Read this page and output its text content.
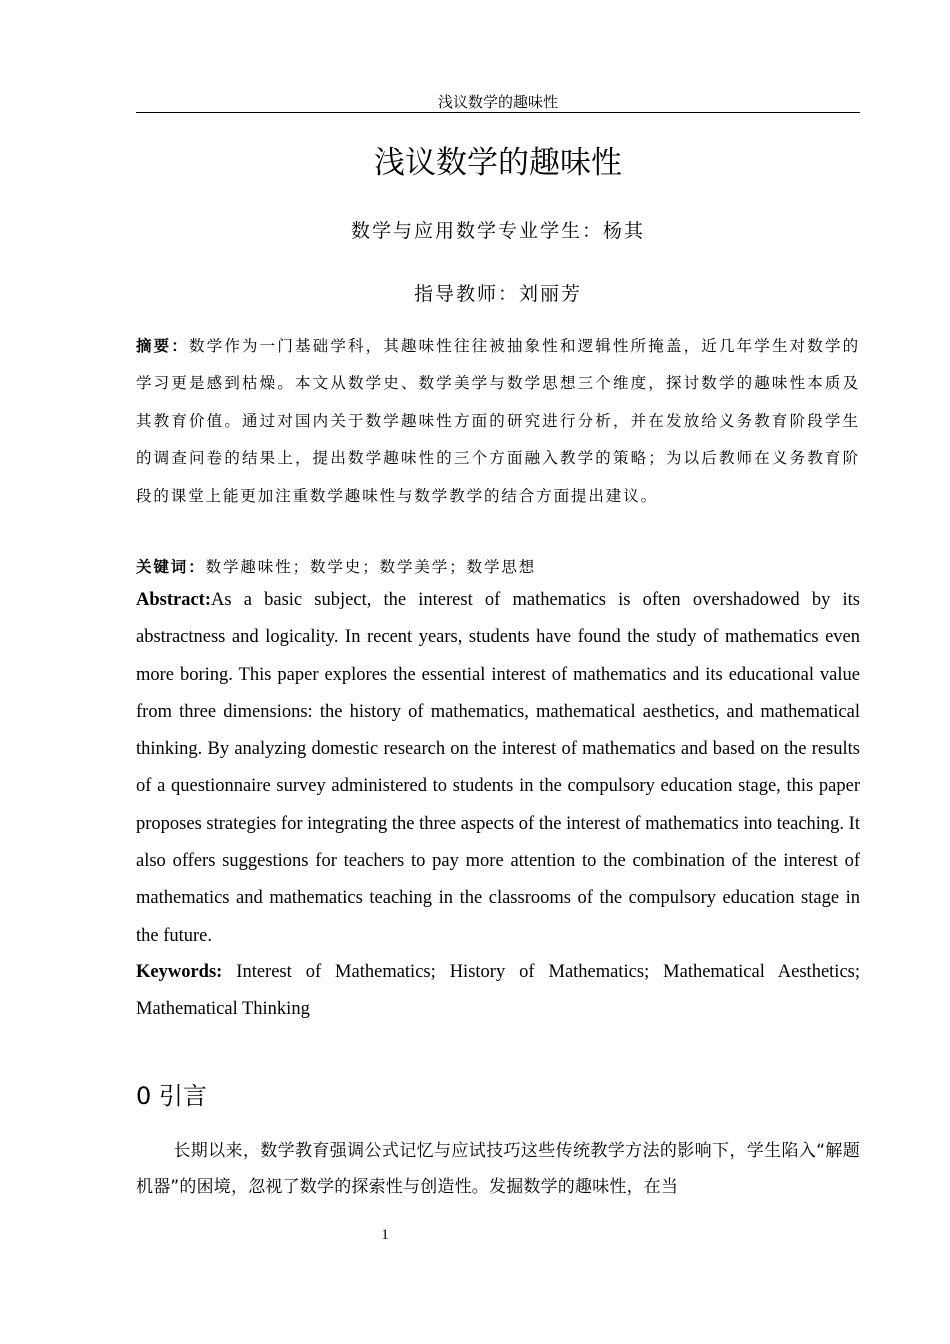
浅议数学的趣味性
浅议数学的趣味性
数学与应用数学专业学生：杨其
指导教师：刘丽芳
摘要：数学作为一门基础学科，其趣味性往往被抽象性和逻辑性所掩盖，近几年学生对数学的学习更是感到枯燥。本文从数学史、数学美学与数学思想三个维度，探讨数学的趣味性本质及其教育价值。通过对国内关于数学趣味性方面的研究进行分析，并在发放给义务教育阶段学生的调查问卷的结果上，提出数学趣味性的三个方面融入教学的策略；为以后教师在义务教育阶段的课堂上能更加注重数学趣味性与数学教学的结合方面提出建议。
关键词：数学趣味性；数学史；数学美学；数学思想
Abstract:As a basic subject, the interest of mathematics is often overshadowed by its abstractness and logicality. In recent years, students have found the study of mathematics even more boring. This paper explores the essential interest of mathematics and its educational value from three dimensions: the history of mathematics, mathematical aesthetics, and mathematical thinking. By analyzing domestic research on the interest of mathematics and based on the results of a questionnaire survey administered to students in the compulsory education stage, this paper proposes strategies for integrating the three aspects of the interest of mathematics into teaching. It also offers suggestions for teachers to pay more attention to the combination of the interest of mathematics and mathematics teaching in the classrooms of the compulsory education stage in the future.
Keywords: Interest of Mathematics; History of Mathematics; Mathematical Aesthetics; Mathematical Thinking
0 引言
长期以来，数学教育强调公式记忆与应试技巧这些传统教学方法的影响下，学生陷入“解题机器”的困境，忽视了数学的探索性与创造性。发掘数学的趣味性，在当
1
